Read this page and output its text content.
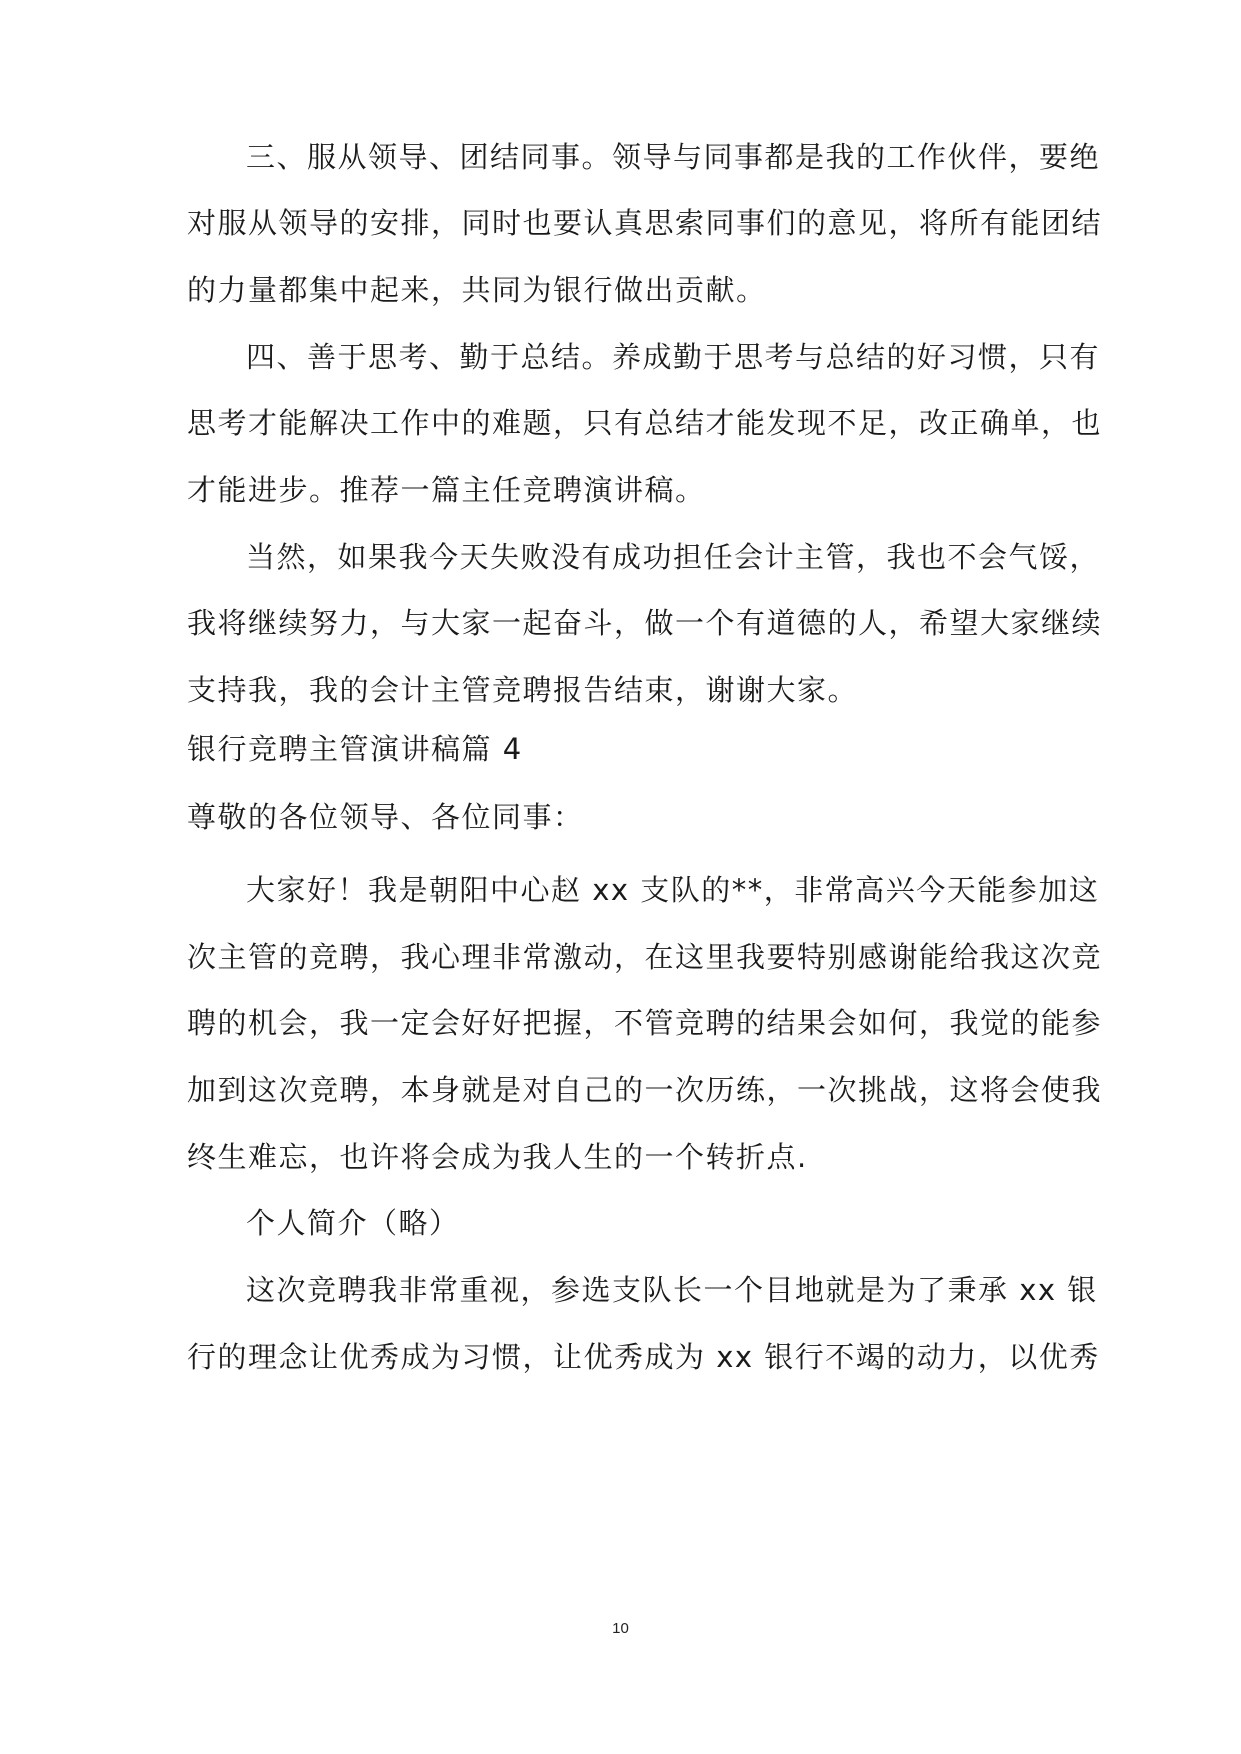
三、服从领导、团结同事。领导与同事都是我的工作伙伴，要绝
对服从领导的安排，同时也要认真思索同事们的意见，将所有能团结
的力量都集中起来，共同为银行做出贡献。
四、善于思考、勤于总结。养成勤于思考与总结的好习惯，只有
思考才能解决工作中的难题，只有总结才能发现不足，改正确单，也
才能进步。推荐一篇主任竞聘演讲稿。
当然，如果我今天失败没有成功担任会计主管，我也不会气馁，
我将继续努力，与大家一起奋斗，做一个有道德的人，希望大家继续
支持我，我的会计主管竞聘报告结束，谢谢大家。
银行竞聘主管演讲稿篇 4
尊敬的各位领导、各位同事：
大家好！我是朝阳中心赵 xx 支队的**，非常高兴今天能参加这
次主管的竞聘，我心理非常激动，在这里我要特别感谢能给我这次竞
聘的机会，我一定会好好把握，不管竞聘的结果会如何，我觉的能参
加到这次竞聘，本身就是对自己的一次历练，一次挑战，这将会使我
终生难忘，也许将会成为我人生的一个转折点.
个人简介（略）
这次竞聘我非常重视，参选支队长一个目地就是为了秉承 xx 银
行的理念让优秀成为习惯，让优秀成为 xx 银行不竭的动力，以优秀
10
